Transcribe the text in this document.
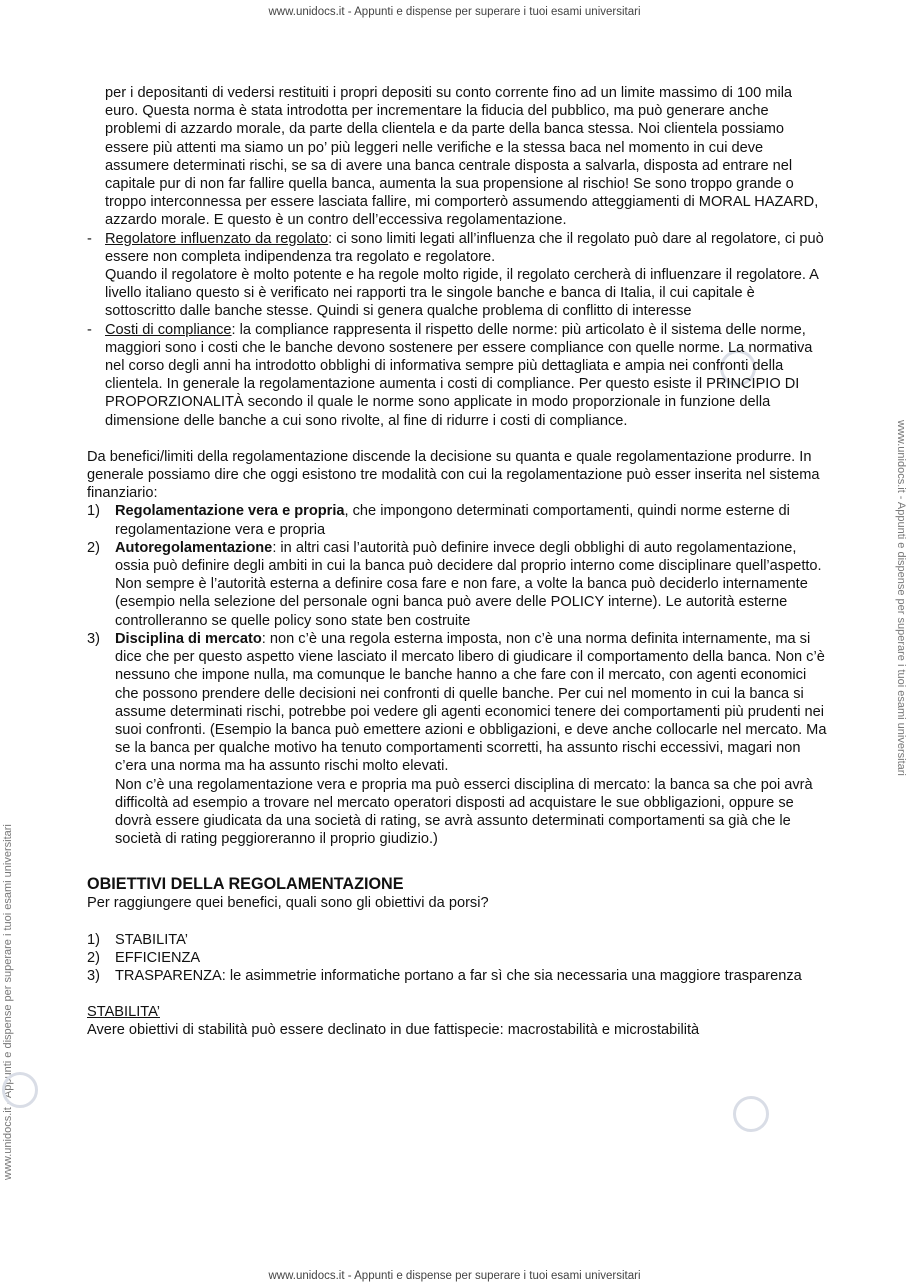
www.unidocs.it - Appunti e dispense per superare i tuoi esami universitari
www.unidocs.it - Appunti e dispense per superare i tuoi esami universitari
www.unidocs.it - Appunti e dispense per superare i tuoi esami universitari

per i depositanti di vedersi restituiti i propri depositi su conto corrente fino ad un limite massimo di 100 mila euro. Questa norma è stata introdotta per incrementare la fiducia del pubblico, ma può generare anche problemi di azzardo morale, da parte della clientela e da parte della banca stessa. Noi clientela possiamo essere più attenti ma siamo un po’ più leggeri nelle verifiche e la stessa baca nel momento in cui deve assumere determinati rischi, se sa di avere una banca centrale disposta a salvarla, disposta ad entrare nel capitale pur di non far fallire quella banca, aumenta la sua propensione al rischio! Se sono troppo grande o troppo interconnessa per essere lasciata fallire, mi comporterò assumendo atteggiamenti di MORAL HAZARD, azzardo morale. E questo è un contro dell’eccessiva regolamentazione.

- Regolatore influenzato da regolato: ci sono limiti legati all’influenza che il regolato può dare al regolatore, ci può essere non completa indipendenza tra regolato e regolatore.

Quando il regolatore è molto potente e ha regole molto rigide, il regolato cercherà di influenzare il regolatore. A livello italiano questo si è verificato nei rapporti tra le singole banche e banca di Italia, il cui capitale è sottoscritto dalle banche stesse. Quindi si genera qualche problema di conflitto di interesse

- Costi di compliance: la compliance rappresenta il rispetto delle norme: più articolato è il sistema delle norme, maggiori sono i costi che le banche devono sostenere per essere compliance con quelle norme. La normativa nel corso degli anni ha introdotto obblighi di informativa sempre più dettagliata e ampia nei confronti della clientela. In generale la regolamentazione aumenta i costi di compliance. Per questo esiste il PRINCIPIO DI PROPORZIONALITÀ secondo il quale le norme sono applicate in modo proporzionale in funzione della dimensione delle banche a cui sono rivolte, al fine di ridurre i costi di compliance.

Da benefici/limiti della regolamentazione discende la decisione su quanta e quale regolamentazione produrre. In generale possiamo dire che oggi esistono tre modalità con cui la regolamentazione può esser inserita nel sistema finanziario:

1)	Regolamentazione vera e propria, che impongono determinati comportamenti, quindi norme esterne di regolamentazione vera e propria
2)	Autoregolamentazione: in altri casi l’autorità può definire invece degli obblighi di auto regolamentazione, ossia può definire degli ambiti in cui la banca può decidere dal proprio interno come disciplinare quell’aspetto. Non sempre è l’autorità esterna a definire cosa fare e non fare, a volte la banca può deciderlo internamente (esempio nella selezione del personale ogni banca può avere delle POLICY interne). Le autorità esterne controlleranno se quelle policy sono state ben costruite
3)	Disciplina di mercato: non c’è una regola esterna imposta, non c’è una norma definita internamente, ma si dice che per questo aspetto viene lasciato il mercato libero di giudicare il comportamento della banca. Non c’è nessuno che impone nulla, ma comunque le banche hanno a che fare con il mercato, con agenti economici che possono prendere delle decisioni nei confronti di quelle banche. Per cui nel momento in cui la banca si assume determinati rischi, potrebbe poi vedere gli agenti economici tenere dei comportamenti più prudenti nei suoi confronti. (Esempio la banca può emettere azioni e obbligazioni, e deve anche collocarle nel mercato. Ma se la banca per qualche motivo ha tenuto comportamenti scorretti, ha assunto rischi eccessivi, magari non c’era una norma ma ha assunto rischi molto elevati.

Non c’è una regolamentazione vera e propria ma può esserci disciplina di mercato: la banca sa che poi avrà difficoltà ad esempio a trovare nel mercato operatori disposti ad acquistare le sue obbligazioni, oppure se dovrà essere giudicata da una società di rating, se avrà assunto determinati comportamenti sa già che le società di rating peggioreranno il proprio giudizio.)

OBIETTIVI DELLA REGOLAMENTAZIONE

Per raggiungere quei benefici, quali sono gli obiettivi da porsi?

1)	STABILITA’
2)	EFFICIENZA
3)	TRASPARENZA: le asimmetrie informatiche portano a far sì che sia necessaria una maggiore trasparenza

STABILITA’

Avere obiettivi di stabilità può essere declinato in due fattispecie: macrostabilità e microstabilità

www.unidocs.it - Appunti e dispense per superare i tuoi esami universitari
